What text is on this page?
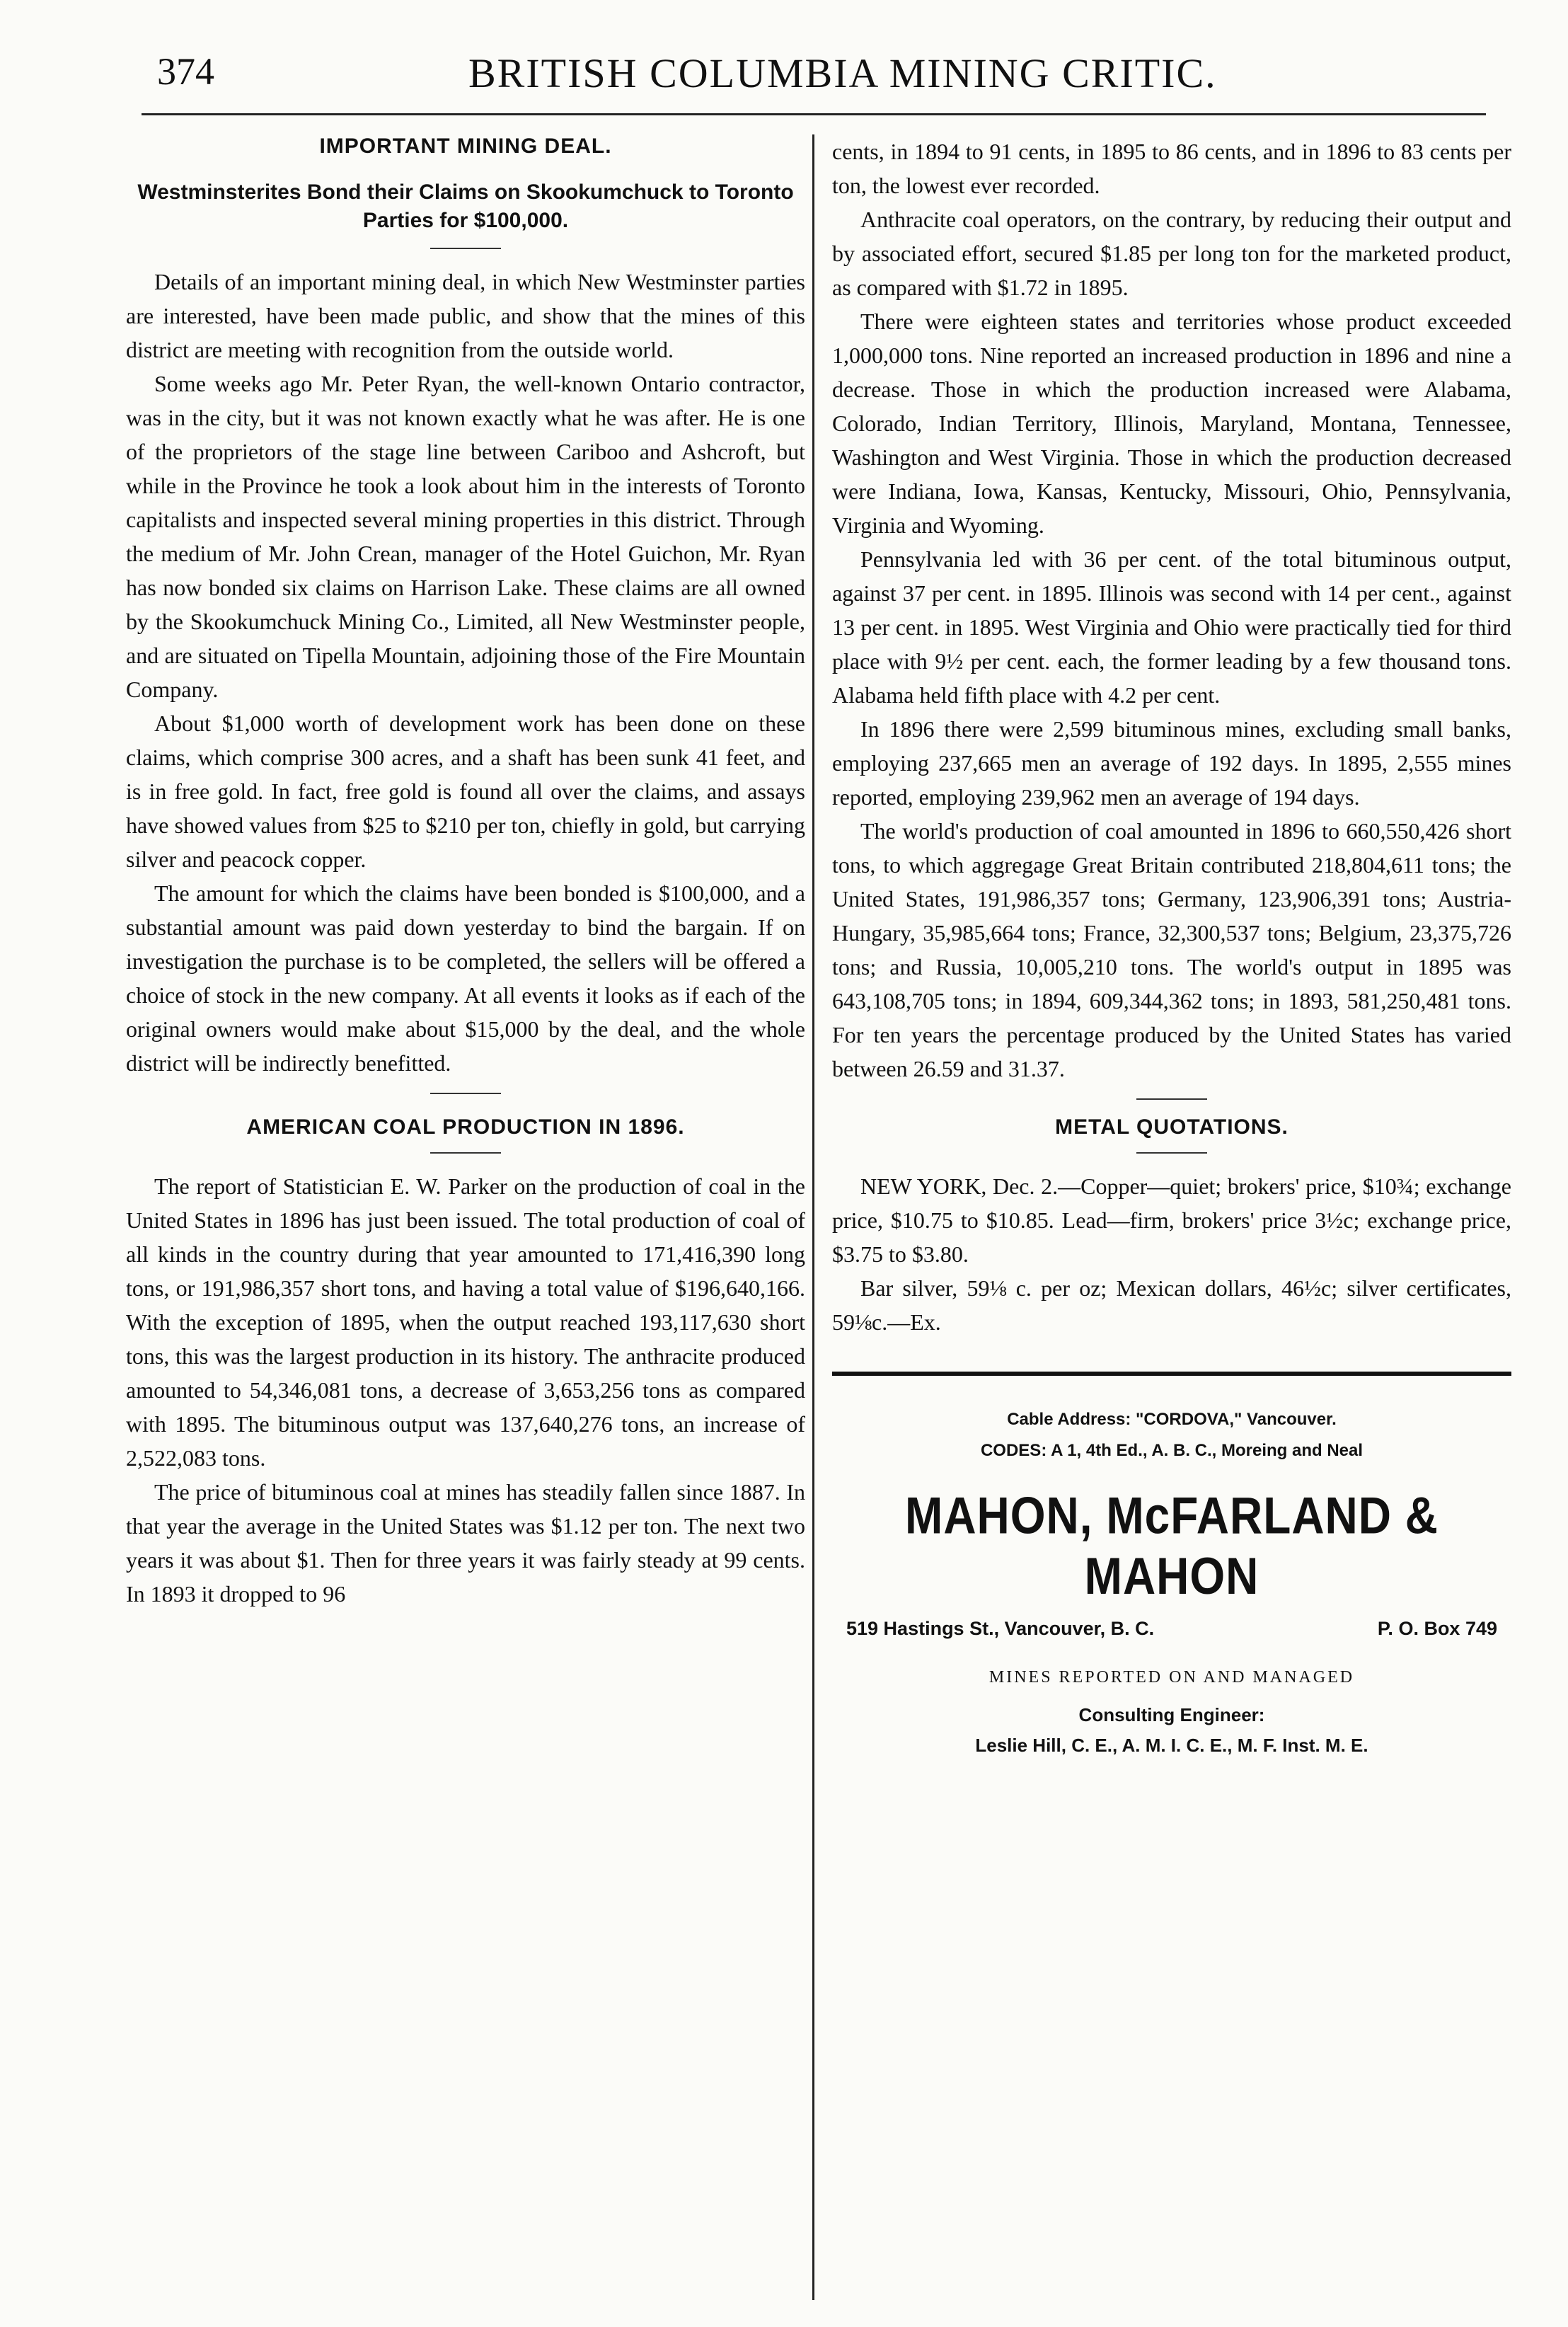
374	BRITISH COLUMBIA MINING CRITIC.

IMPORTANT MINING DEAL.

Westminsterites Bond their Claims on Skookumchuck to Toronto Parties for $100,000.

Details of an important mining deal, in which New Westminster parties are interested, have been made public, and show that the mines of this district are meeting with recognition from the outside world.

Some weeks ago Mr. Peter Ryan, the well-known Ontario contractor, was in the city, but it was not known exactly what he was after. He is one of the proprietors of the stage line between Cariboo and Ashcroft, but while in the Province he took a look about him in the interests of Toronto capitalists and inspected several mining properties in this district. Through the medium of Mr. John Crean, manager of the Hotel Guichon, Mr. Ryan has now bonded six claims on Harrison Lake. These claims are all owned by the Skookumchuck Mining Co., Limited, all New Westminster people, and are situated on Tipella Mountain, adjoining those of the Fire Mountain Company.

About $1,000 worth of development work has been done on these claims, which comprise 300 acres, and a shaft has been sunk 41 feet, and is in free gold. In fact, free gold is found all over the claims, and assays have showed values from $25 to $210 per ton, chiefly in gold, but carrying silver and peacock copper.

The amount for which the claims have been bonded is $100,000, and a substantial amount was paid down yesterday to bind the bargain. If on investigation the purchase is to be completed, the sellers will be offered a choice of stock in the new company. At all events it looks as if each of the original owners would make about $15,000 by the deal, and the whole district will be indirectly benefitted.

AMERICAN COAL PRODUCTION IN 1896.

The report of Statistician E. W. Parker on the production of coal in the United States in 1896 has just been issued. The total production of coal of all kinds in the country during that year amounted to 171,416,390 long tons, or 191,986,357 short tons, and having a total value of $196,640,166. With the exception of 1895, when the output reached 193,117,630 short tons, this was the largest production in its history. The anthracite produced amounted to 54,346,081 tons, a decrease of 3,653,256 tons as compared with 1895. The bituminous output was 137,640,276 tons, an increase of 2,522,083 tons.

The price of bituminous coal at mines has steadily fallen since 1887. In that year the average in the United States was $1.12 per ton. The next two years it was about $1. Then for three years it was fairly steady at 99 cents. In 1893 it dropped to 96

cents, in 1894 to 91 cents, in 1895 to 86 cents, and in 1896 to 83 cents per ton, the lowest ever recorded.

Anthracite coal operators, on the contrary, by reducing their output and by associated effort, secured $1.85 per long ton for the marketed product, as compared with $1.72 in 1895.

There were eighteen states and territories whose product exceeded 1,000,000 tons. Nine reported an increased production in 1896 and nine a decrease. Those in which the production increased were Alabama, Colorado, Indian Territory, Illinois, Maryland, Montana, Tennessee, Washington and West Virginia. Those in which the production decreased were Indiana, Iowa, Kansas, Kentucky, Missouri, Ohio, Pennsylvania, Virginia and Wyoming.

Pennsylvania led with 36 per cent. of the total bituminous output, against 37 per cent. in 1895. Illinois was second with 14 per cent., against 13 per cent. in 1895. West Virginia and Ohio were practically tied for third place with 9½ per cent. each, the former leading by a few thousand tons. Alabama held fifth place with 4.2 per cent.

In 1896 there were 2,599 bituminous mines, excluding small banks, employing 237,665 men an average of 192 days. In 1895, 2,555 mines reported, employing 239,962 men an average of 194 days.

The world's production of coal amounted in 1896 to 660,550,426 short tons, to which aggregage Great Britain contributed 218,804,611 tons; the United States, 191,986,357 tons; Germany, 123,906,391 tons; Austria-Hungary, 35,985,664 tons; France, 32,300,537 tons; Belgium, 23,375,726 tons; and Russia, 10,005,210 tons. The world's output in 1895 was 643,108,705 tons; in 1894, 609,344,362 tons; in 1893, 581,250,481 tons. For ten years the percentage produced by the United States has varied between 26.59 and 31.37.

METAL QUOTATIONS.

NEW YORK, Dec. 2.—Copper—quiet; brokers' price, $10¾; exchange price, $10.75 to $10.85. Lead—firm, brokers' price 3½c; exchange price, $3.75 to $3.80.

Bar silver, 59⅛ c. per oz; Mexican dollars, 46½c; silver certificates, 59⅛c.—Ex.

Cable Address: "CORDOVA," Vancouver.

CODES: A 1, 4th Ed., A. B. C., Moreing and Neal

MAHON, McFARLAND & MAHON

519 Hastings St., Vancouver, B. C.	P. O. Box 749

MINES REPORTED ON AND MANAGED

Consulting Engineer:

Leslie Hill, C. E., A. M. I. C. E., M. F. Inst. M. E.
